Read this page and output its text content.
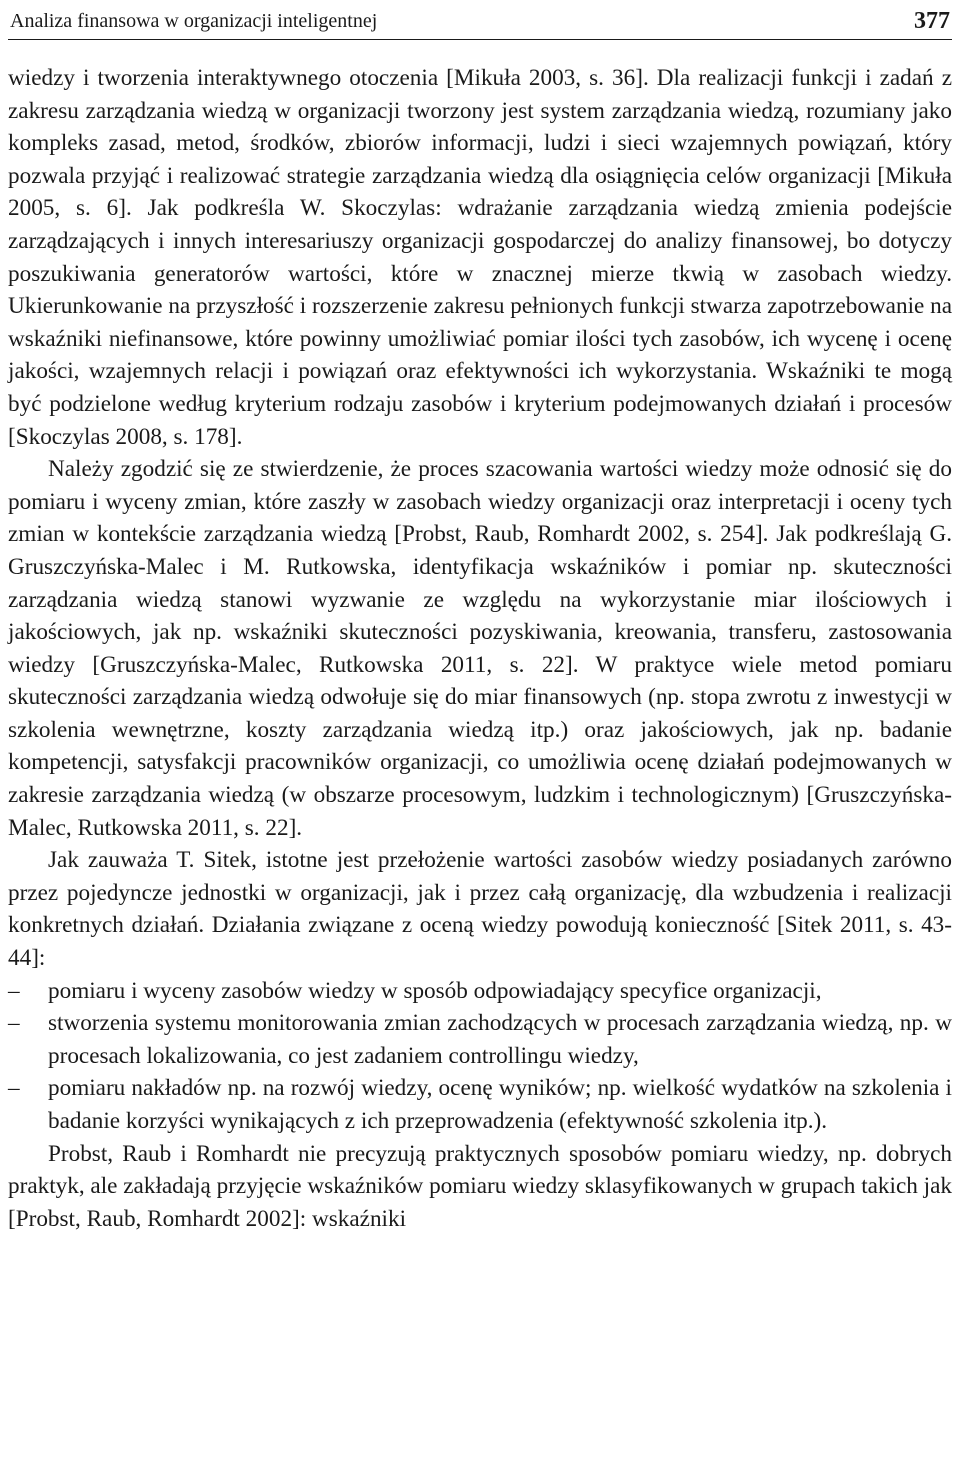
Analiza finansowa w organizacji inteligentnej	377

wiedzy i tworzenia interaktywnego otoczenia [Mikuła 2003, s. 36]. Dla realizacji funkcji i zadań z zakresu zarządzania wiedzą w organizacji tworzony jest system zarządzania wiedzą, rozumiany jako kompleks zasad, metod, środków, zbiorów informacji, ludzi i sieci wzajemnych powiązań, który pozwala przyjąć i realizować strategie zarządzania wiedzą dla osiągnięcia celów organizacji [Mikuła 2005, s. 6]. Jak podkreśla W. Skoczylas: wdrażanie zarządzania wiedzą zmienia podejście zarządzających i innych interesariuszy organizacji gospodarczej do analizy finansowej, bo dotyczy poszukiwania generatorów wartości, które w znacznej mierze tkwią w zasobach wiedzy. Ukierunkowanie na przyszłość i rozszerzenie zakresu pełnionych funkcji stwarza zapotrzebowanie na wskaźniki niefinansowe, które powinny umożliwiać pomiar ilości tych zasobów, ich wycenę i ocenę jakości, wzajemnych relacji i powiązań oraz efektywności ich wykorzystania. Wskaźniki te mogą być podzielone według kryterium rodzaju zasobów i kryterium podejmowanych działań i procesów [Skoczylas 2008, s. 178].

Należy zgodzić się ze stwierdzenie, że proces szacowania wartości wiedzy może odnosić się do pomiaru i wyceny zmian, które zaszły w zasobach wiedzy organizacji oraz interpretacji i oceny tych zmian w kontekście zarządzania wiedzą [Probst, Raub, Romhardt 2002, s. 254]. Jak podkreślają G. Gruszczyńska-Malec i M. Rutkowska, identyfikacja wskaźników i pomiar np. skuteczności zarządzania wiedzą stanowi wyzwanie ze względu na wykorzystanie miar ilościowych i jakościowych, jak np. wskaźniki skuteczności pozyskiwania, kreowania, transferu, zastosowania wiedzy [Gruszczyńska-Malec, Rutkowska 2011, s. 22]. W praktyce wiele metod pomiaru skuteczności zarządzania wiedzą odwołuje się do miar finansowych (np. stopa zwrotu z inwestycji w szkolenia wewnętrzne, koszty zarządzania wiedzą itp.) oraz jakościowych, jak np. badanie kompetencji, satysfakcji pracowników organizacji, co umożliwia ocenę działań podejmowanych w zakresie zarządzania wiedzą (w obszarze procesowym, ludzkim i technologicznym) [Gruszczyńska-Malec, Rutkowska 2011, s. 22].

Jak zauważa T. Sitek, istotne jest przełożenie wartości zasobów wiedzy posiadanych zarówno przez pojedyncze jednostki w organizacji, jak i przez całą organizację, dla wzbudzenia i realizacji konkretnych działań. Działania związane z oceną wiedzy powodują konieczność [Sitek 2011, s. 43-44]:

–	pomiaru i wyceny zasobów wiedzy w sposób odpowiadający specyfice organizacji,
–	stworzenia systemu monitorowania zmian zachodzących w procesach zarządzania wiedzą, np. w procesach lokalizowania, co jest zadaniem controllingu wiedzy,
–	pomiaru nakładów np. na rozwój wiedzy, ocenę wyników; np. wielkość wydatków na szkolenia i badanie korzyści wynikających z ich przeprowadzenia (efektywność szkolenia itp.).

Probst, Raub i Romhardt nie precyzują praktycznych sposobów pomiaru wiedzy, np. dobrych praktyk, ale zakładają przyjęcie wskaźników pomiaru wiedzy sklasyfikowanych w grupach takich jak [Probst, Raub, Romhardt 2002]: wskaźniki
